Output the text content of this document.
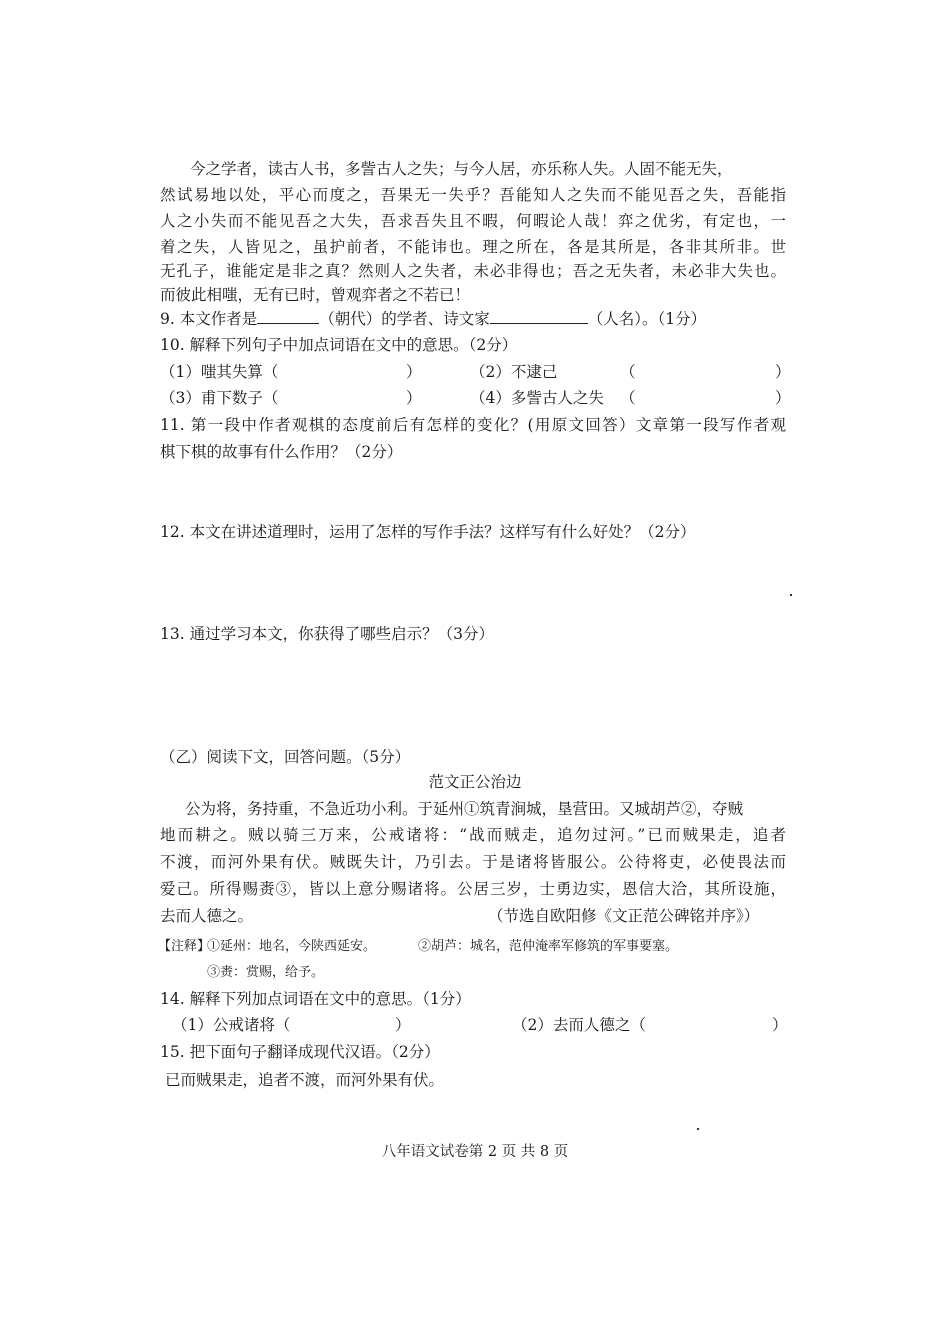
今之学者，读古人书，多訾古人之失；与今人居，亦乐称人失。人固不能无失，
然试易地以处，平心而度之，吾果无一失乎？吾能知人之失而不能见吾之失，吾能指
人之小失而不能见吾之大失，吾求吾失且不暇，何暇论人哉！弈之优劣，有定也，一
着之失，人皆见之，虽护前者，不能讳也。理之所在，各是其所是，各非其所非。世
无孔子，谁能定是非之真？然则人之失者，未必非得也；吾之无失者，未必非大失也。
而彼此相嗤，无有已时，曾观弈者之不若已！
9. 本文作者是	（朝代）的学者、诗文家	（人名）。（1分）
10. 解释下列句子中加点词语在文中的意思。（2分）
（1）嗤其失算（	）	（2）不逮己	（	）
（3）甫下数子（	）	（4）多訾古人之失 （	）
11. 第一段中作者观棋的态度前后有怎样的变化？(用原文回答）文章第一段写作者观
棋下棋的故事有什么作用？（2分）
12. 本文在讲述道理时，运用了怎样的写作手法？这样写有什么好处？（2分）
13. 通过学习本文，你获得了哪些启示？（3分）
（乙）阅读下文，回答问题。（5分）
范文正公治边
公为将，务持重，不急近功小利。于延州①筑青涧城，垦营田。又城胡芦②，夺贼
地而耕之。贼以骑三万来，公戒诸将：“战而贼走，追勿过河。”已而贼果走，追者
不渡，而河外果有伏。贼既失计，乃引去。于是诸将皆服公。公待将吏，必使畏法而
爱己。所得赐赉③，皆以上意分赐诸将。公居三岁，士勇边实，恩信大洽，其所设施，
去而人德之。	（节选自欧阳修《文正范公碑铭并序》）
【注释】
①延州：地名，今陕西延安。	②胡芦：城名，范仲淹率军修筑的军事要塞。
③赉：赏赐，给予。
14. 解释下列加点词语在文中的意思。（1分）
（1）公戒诸将（	）	（2）去而人德之（	）
15. 把下面句子翻译成现代汉语。（2分）
已而贼果走，追者不渡，而河外果有伏。
八年语文试卷第 2 页 共 8 页
